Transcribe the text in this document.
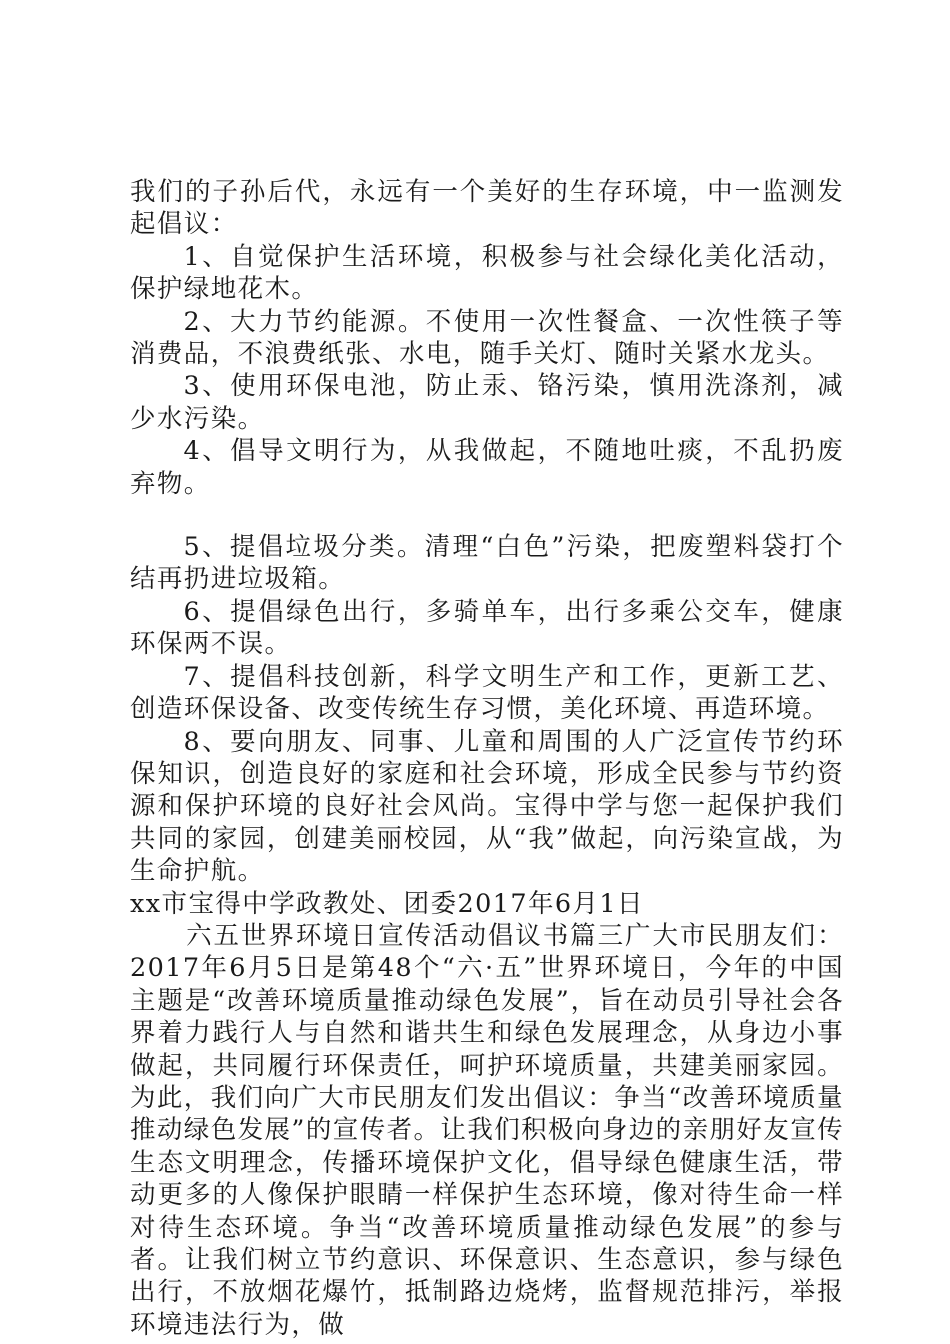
我们的子孙后代，永远有一个美好的生存环境，中一监测发起倡议：

1、自觉保护生活环境，积极参与社会绿化美化活动，保护绿地花木。

2、大力节约能源。不使用一次性餐盒、一次性筷子等消费品，不浪费纸张、水电，随手关灯、随时关紧水龙头。

3、使用环保电池，防止汞、铬污染，慎用洗涤剂，减少水污染。

4、倡导文明行为，从我做起，不随地吐痰，不乱扔废弃物。

5、提倡垃圾分类。清理“白色”污染，把废塑料袋打个结再扔进垃圾箱。

6、提倡绿色出行，多骑单车，出行多乘公交车，健康环保两不误。

7、提倡科技创新，科学文明生产和工作，更新工艺、创造环保设备、改变传统生存习惯，美化环境、再造环境。

8、要向朋友、同事、儿童和周围的人广泛宣传节约环保知识，创造良好的家庭和社会环境，形成全民参与节约资源和保护环境的良好社会风尚。宝得中学与您一起保护我们共同的家园，创建美丽校园，从“我”做起，向污染宣战，为生命护航。

xx市宝得中学政教处、团委2017年6月1日

六五世界环境日宣传活动倡议书篇三广大市民朋友们：2017年6月5日是第48个“六·五”世界环境日，今年的中国主题是“改善环境质量推动绿色发展”，旨在动员引导社会各界着力践行人与自然和谐共生和绿色发展理念，从身边小事做起，共同履行环保责任，呵护环境质量，共建美丽家园。为此，我们向广大市民朋友们发出倡议：争当“改善环境质量推动绿色发展”的宣传者。让我们积极向身边的亲朋好友宣传生态文明理念，传播环境保护文化，倡导绿色健康生活，带动更多的人像保护眼睛一样保护生态环境，像对待生命一样对待生态环境。争当“改善环境质量推动绿色发展”的参与者。让我们树立节约意识、环保意识、生态意识，参与绿色出行，不放烟花爆竹，抵制路边烧烤，监督规范排污，举报环境违法行为，做
